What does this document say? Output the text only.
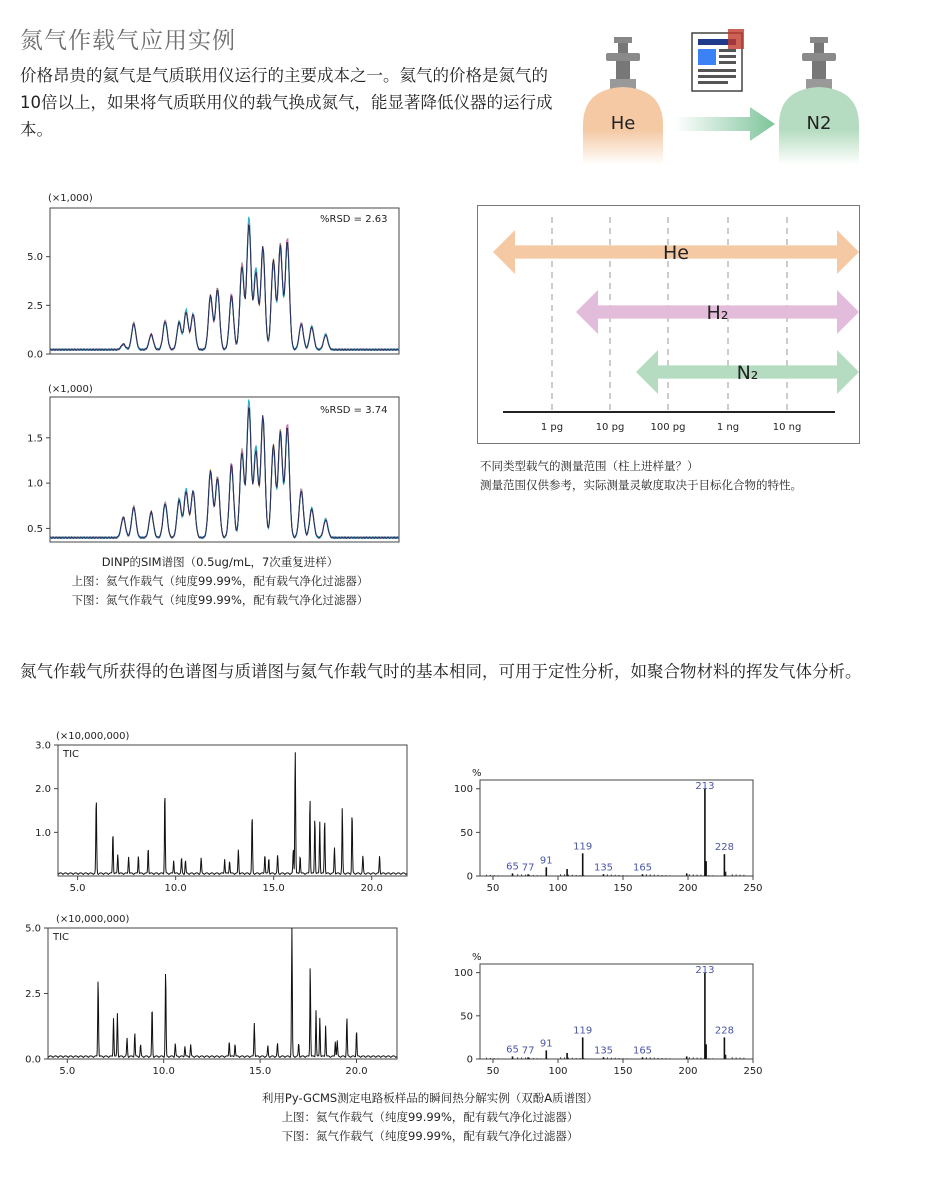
氮气作载气应用实例
价格昂贵的氦气是气质联用仪运行的主要成本之一。氦气的价格是氮气的10倍以上，如果将气质联用仪的载气换成氮气，能显著降低仪器的运行成本。	He	N2
(×1,000)
%RSD = 2.63
0.0
2.5
5.0
(×1,000)
%RSD = 3.74
0.5
1.0
1.5
DINP的SIM谱图（0.5ug/mL，7次重复进样）
上图：氦气作载气（纯度99.99%，配有载气净化过滤器）
下图：氮气作载气（纯度99.99%，配有载气净化过滤器）
He
H₂
N₂
1 pg	10 pg	100 pg	1 ng	10 ng
不同类型载气的测量范围（柱上进样量？）
测量范围仅供参考，实际测量灵敏度取决于目标化合物的特性。
氮气作载气所获得的色谱图与质谱图与氦气作载气时的基本相同，可用于定性分析，如聚合物材料的挥发气体分析。
(×10,000,000)
TIC
5.0	10.0	15.0	20.0
1.0
2.0
3.0
%
50	100	150	200	250
0
50
100
65 77
91
119
135 165
213
228
(×10,000,000)
TIC
5.0	10.0	15.0	20.0
0.0
2.5
5.0
%
50	100	150	200	250
0
50
100
65 77
91
119
135 165
213
228
利用Py-GCMS测定电路板样品的瞬间热分解实例（双酚A质谱图）
上图：氦气作载气（纯度99.99%，配有载气净化过滤器）
下图：氮气作载气（纯度99.99%，配有载气净化过滤器）
